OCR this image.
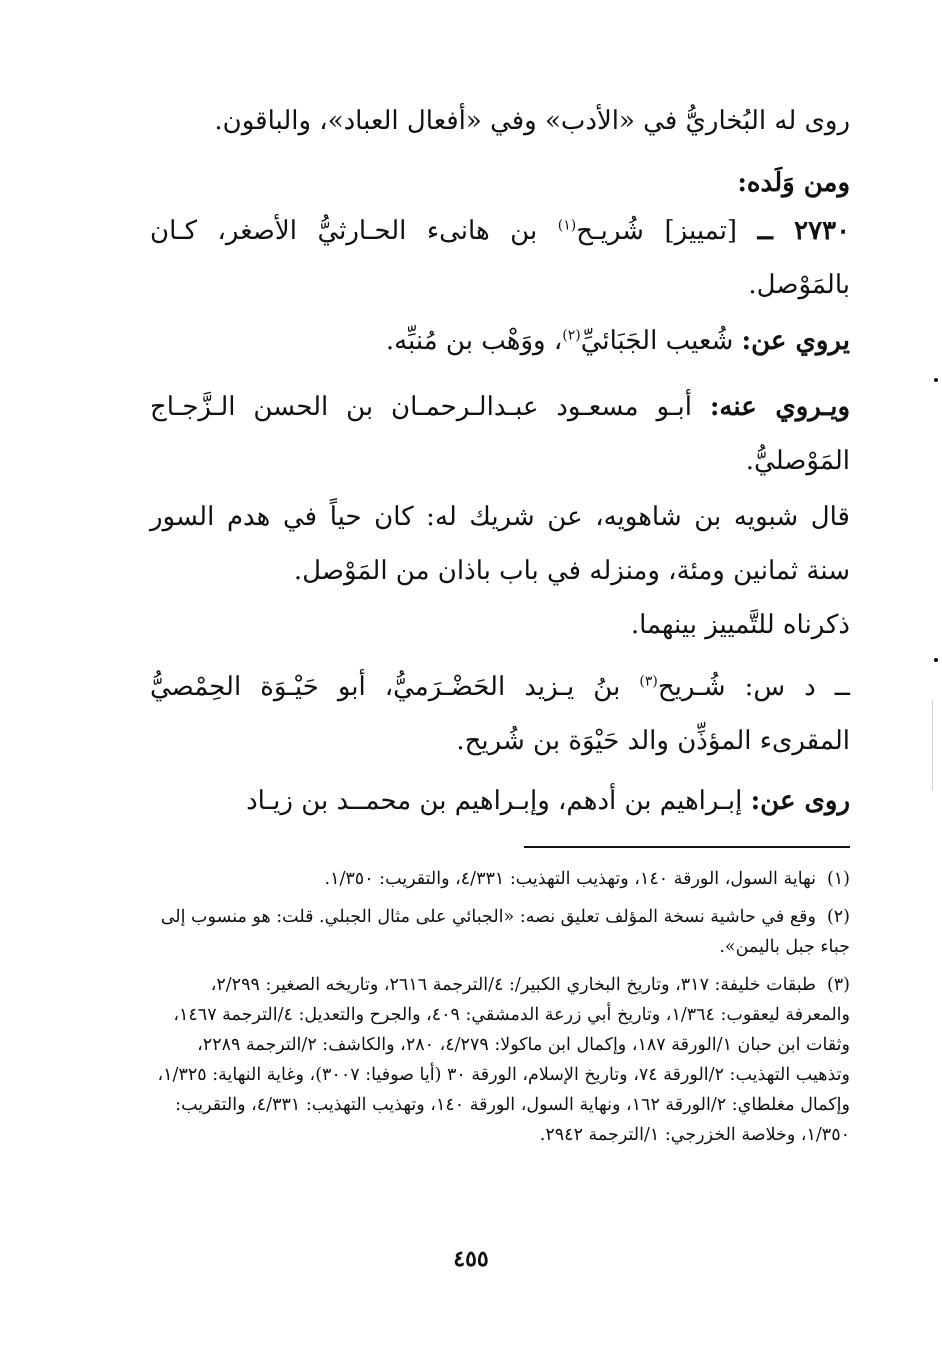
روى له البُخاريُّ في «الأدب» وفي «أفعال العباد»، والباقون.
ومن وَلَده:
٢٧٣٠ ــ [تمييز] شُريـح$^{(١)}$ بن هانىء الحـارثيُّ الأصغر، كـان بالمَوْصل.
يروي عن: شُعيب الجَبَائيِّ$^{(٢)}$، ووَهْب بن مُنبِّه.
ويـروي عنه: أبـو مسعـود عبـدالـرحمـان بن الحسن الـزَّجـاج المَوْصليُّ.
قال شبويه بن شاهويه، عن شريك له: كان حياً في هدم السور سنة ثمانين ومئة، ومنزله في باب باذان من المَوْصل.
ذكرناه للتَّمييز بينهما.
ــ د س: شُـريح$^{(٣)}$ بنُ يـزيد الحَضْـرَميُّ، أبو حَيْـوَة الحِمْصيُّ المقرىء المؤذِّن والد حَيْوَة بن شُريح.
روى عن: إبـراهيم بن أدهم، وإبـراهيم بن محمــد بن زيـاد
(١)نهاية السول، الورقة ١٤٠، وتهذيب التهذيب: ٤/٣٣١، والتقريب: ١/٣٥٠.
(٢)وقع في حاشية نسخة المؤلف تعليق نصه: «الجبائي على مثال الجبلي. قلت: هو منسوب إلى جباء جبل باليمن».
(٣)طبقات خليفة: ٣١٧، وتاريخ البخاري الكبير/: ٤/الترجمة ٢٦١٦، وتاريخه الصغير: ٢/٢٩٩، والمعرفة ليعقوب: ١/٣٦٤، وتاريخ أبي زرعة الدمشقي: ٤٠٩، والجرح والتعديل: ٤/الترجمة ١٤٦٧، وثقات ابن حبان ١/الورقة ١٨٧، وإكمال ابن ماكولا: ٤/٢٧٩، ٢٨٠، والكاشف: ٢/الترجمة ٢٢٨٩، وتذهيب التهذيب: ٢/الورقة ٧٤، وتاريخ الإسلام، الورقة ٣٠ (أيا صوفيا: ٣٠٠٧)، وغاية النهاية: ١/٣٢٥، وإكمال مغلطاي: ٢/الورقة ١٦٢، ونهاية السول، الورقة ١٤٠، وتهذيب التهذيب: ٤/٣٣١، والتقريب: ١/٣٥٠، وخلاصة الخزرجي: ١/الترجمة ٢٩٤٢.
٤٥٥
